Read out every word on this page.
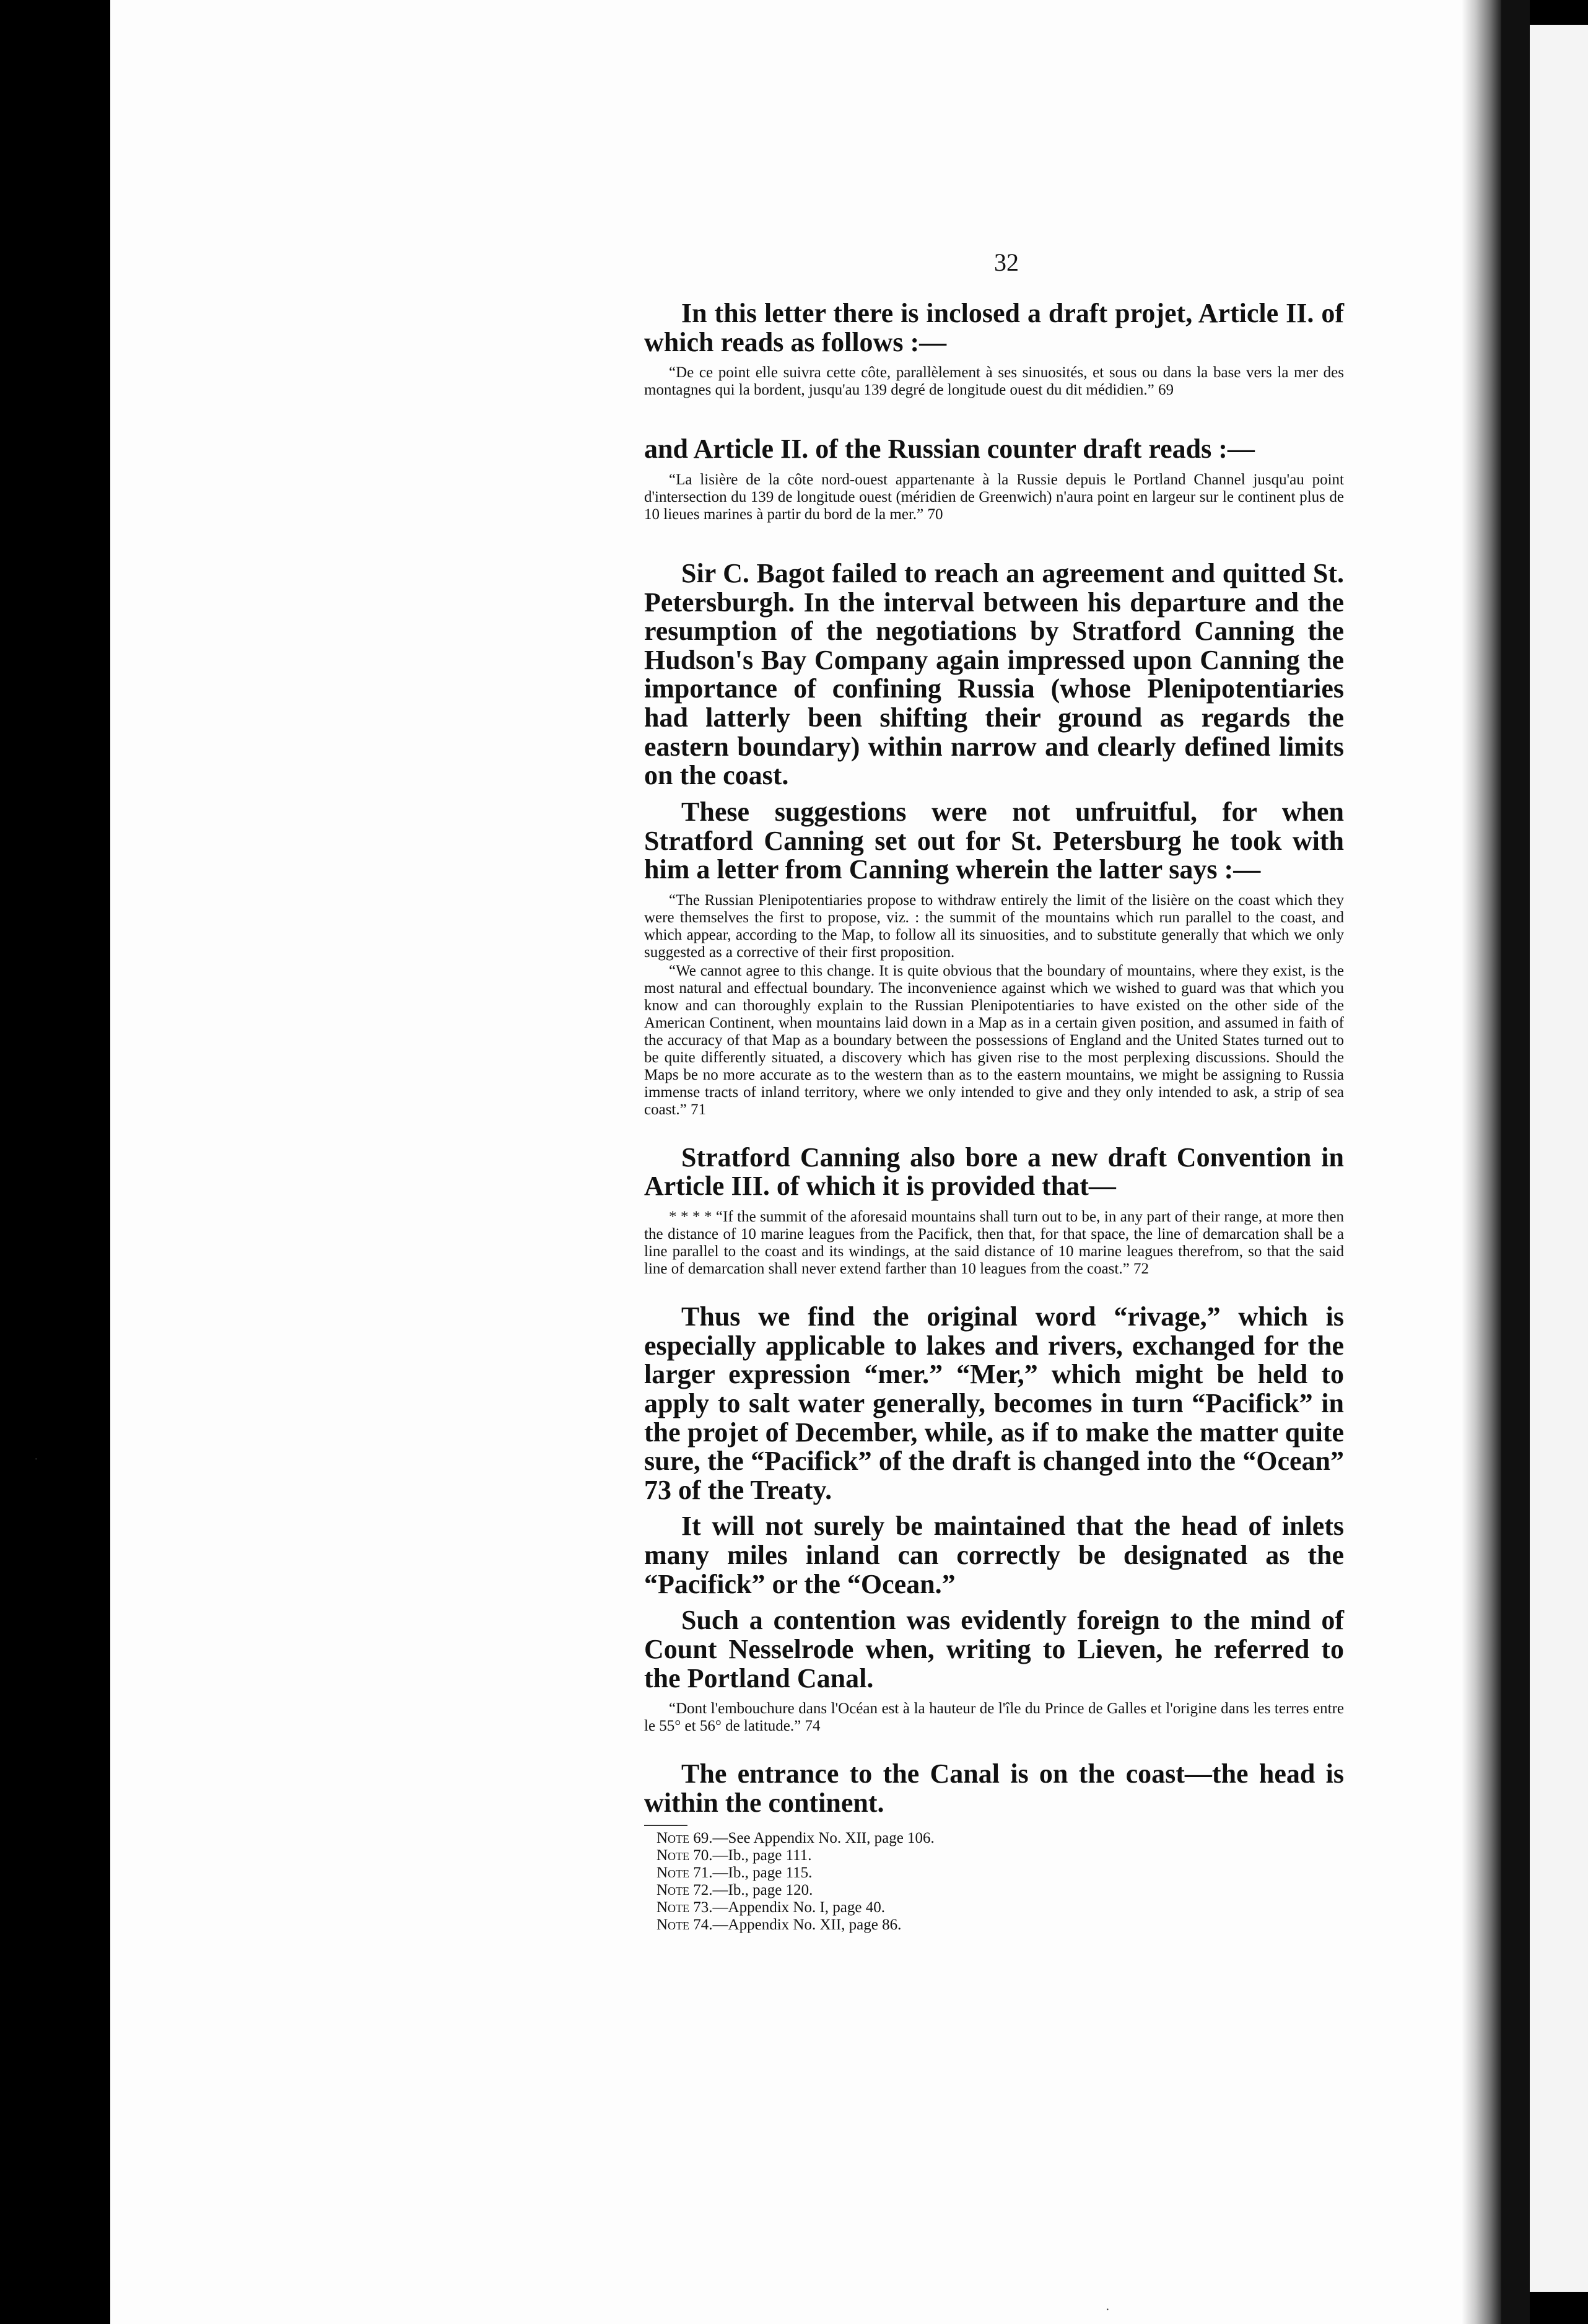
·
·
32

In this letter there is inclosed a draft projet, Article II. of which reads as follows :—

“De ce point elle suivra cette côte, parallèlement à ses sinuosités, et sous ou dans la base vers la mer des montagnes qui la bordent, jusqu'au 139 degré de longitude ouest du dit médidien.” 69

and Article II. of the Russian counter draft reads :—

“La lisière de la côte nord-ouest appartenante à la Russie depuis le Portland Channel jusqu'au point d'intersection du 139 de longitude ouest (méridien de Greenwich) n'aura point en largeur sur le continent plus de 10 lieues marines à partir du bord de la mer.” 70

Sir C. Bagot failed to reach an agreement and quitted St. Petersburgh. In the interval between his departure and the resumption of the negotiations by Stratford Canning the Hudson's Bay Company again impressed upon Canning the importance of confining Russia (whose Plenipotentiaries had latterly been shifting their ground as regards the eastern boundary) within narrow and clearly defined limits on the coast.

These suggestions were not unfruitful, for when Stratford Canning set out for St. Petersburg he took with him a letter from Canning wherein the latter says :—

“The Russian Plenipotentiaries propose to withdraw entirely the limit of the lisière on the coast which they were themselves the first to propose, viz. : the summit of the mountains which run parallel to the coast, and which appear, according to the Map, to follow all its sinuosities, and to substitute generally that which we only suggested as a corrective of their first proposition.

“We cannot agree to this change. It is quite obvious that the boundary of mountains, where they exist, is the most natural and effectual boundary. The inconvenience against which we wished to guard was that which you know and can thoroughly explain to the Russian Plenipotentiaries to have existed on the other side of the American Continent, when mountains laid down in a Map as in a certain given position, and assumed in faith of the accuracy of that Map as a boundary between the possessions of England and the United States turned out to be quite differently situated, a discovery which has given rise to the most perplexing discussions. Should the Maps be no more accurate as to the western than as to the eastern mountains, we might be assigning to Russia immense tracts of inland territory, where we only intended to give and they only intended to ask, a strip of sea coast.” 71

Stratford Canning also bore a new draft Convention in Article III. of which it is provided that—

* * * * “If the summit of the aforesaid mountains shall turn out to be, in any part of their range, at more then the distance of 10 marine leagues from the Pacifick, then that, for that space, the line of demarcation shall be a line parallel to the coast and its windings, at the said distance of 10 marine leagues therefrom, so that the said line of demarcation shall never extend farther than 10 leagues from the coast.” 72

Thus we find the original word “rivage,” which is especially applicable to lakes and rivers, exchanged for the larger expression “mer.” “Mer,” which might be held to apply to salt water generally, becomes in turn “Pacifick” in the projet of December, while, as if to make the matter quite sure, the “Pacifick” of the draft is changed into the “Ocean” 73 of the Treaty.

It will not surely be maintained that the head of inlets many miles inland can correctly be designated as the “Pacifick” or the “Ocean.”

Such a contention was evidently foreign to the mind of Count Nesselrode when, writing to Lieven, he referred to the Portland Canal.

“Dont l'embouchure dans l'Océan est à la hauteur de l'île du Prince de Galles et l'origine dans les terres entre le 55° et 56° de latitude.” 74

The entrance to the Canal is on the coast—the head is within the continent.

Note 69.—See Appendix No. XII, page 106.
Note 70.—Ib., page 111.
Note 71.—Ib., page 115.
Note 72.—Ib., page 120.
Note 73.—Appendix No. I, page 40.
Note 74.—Appendix No. XII, page 86.
